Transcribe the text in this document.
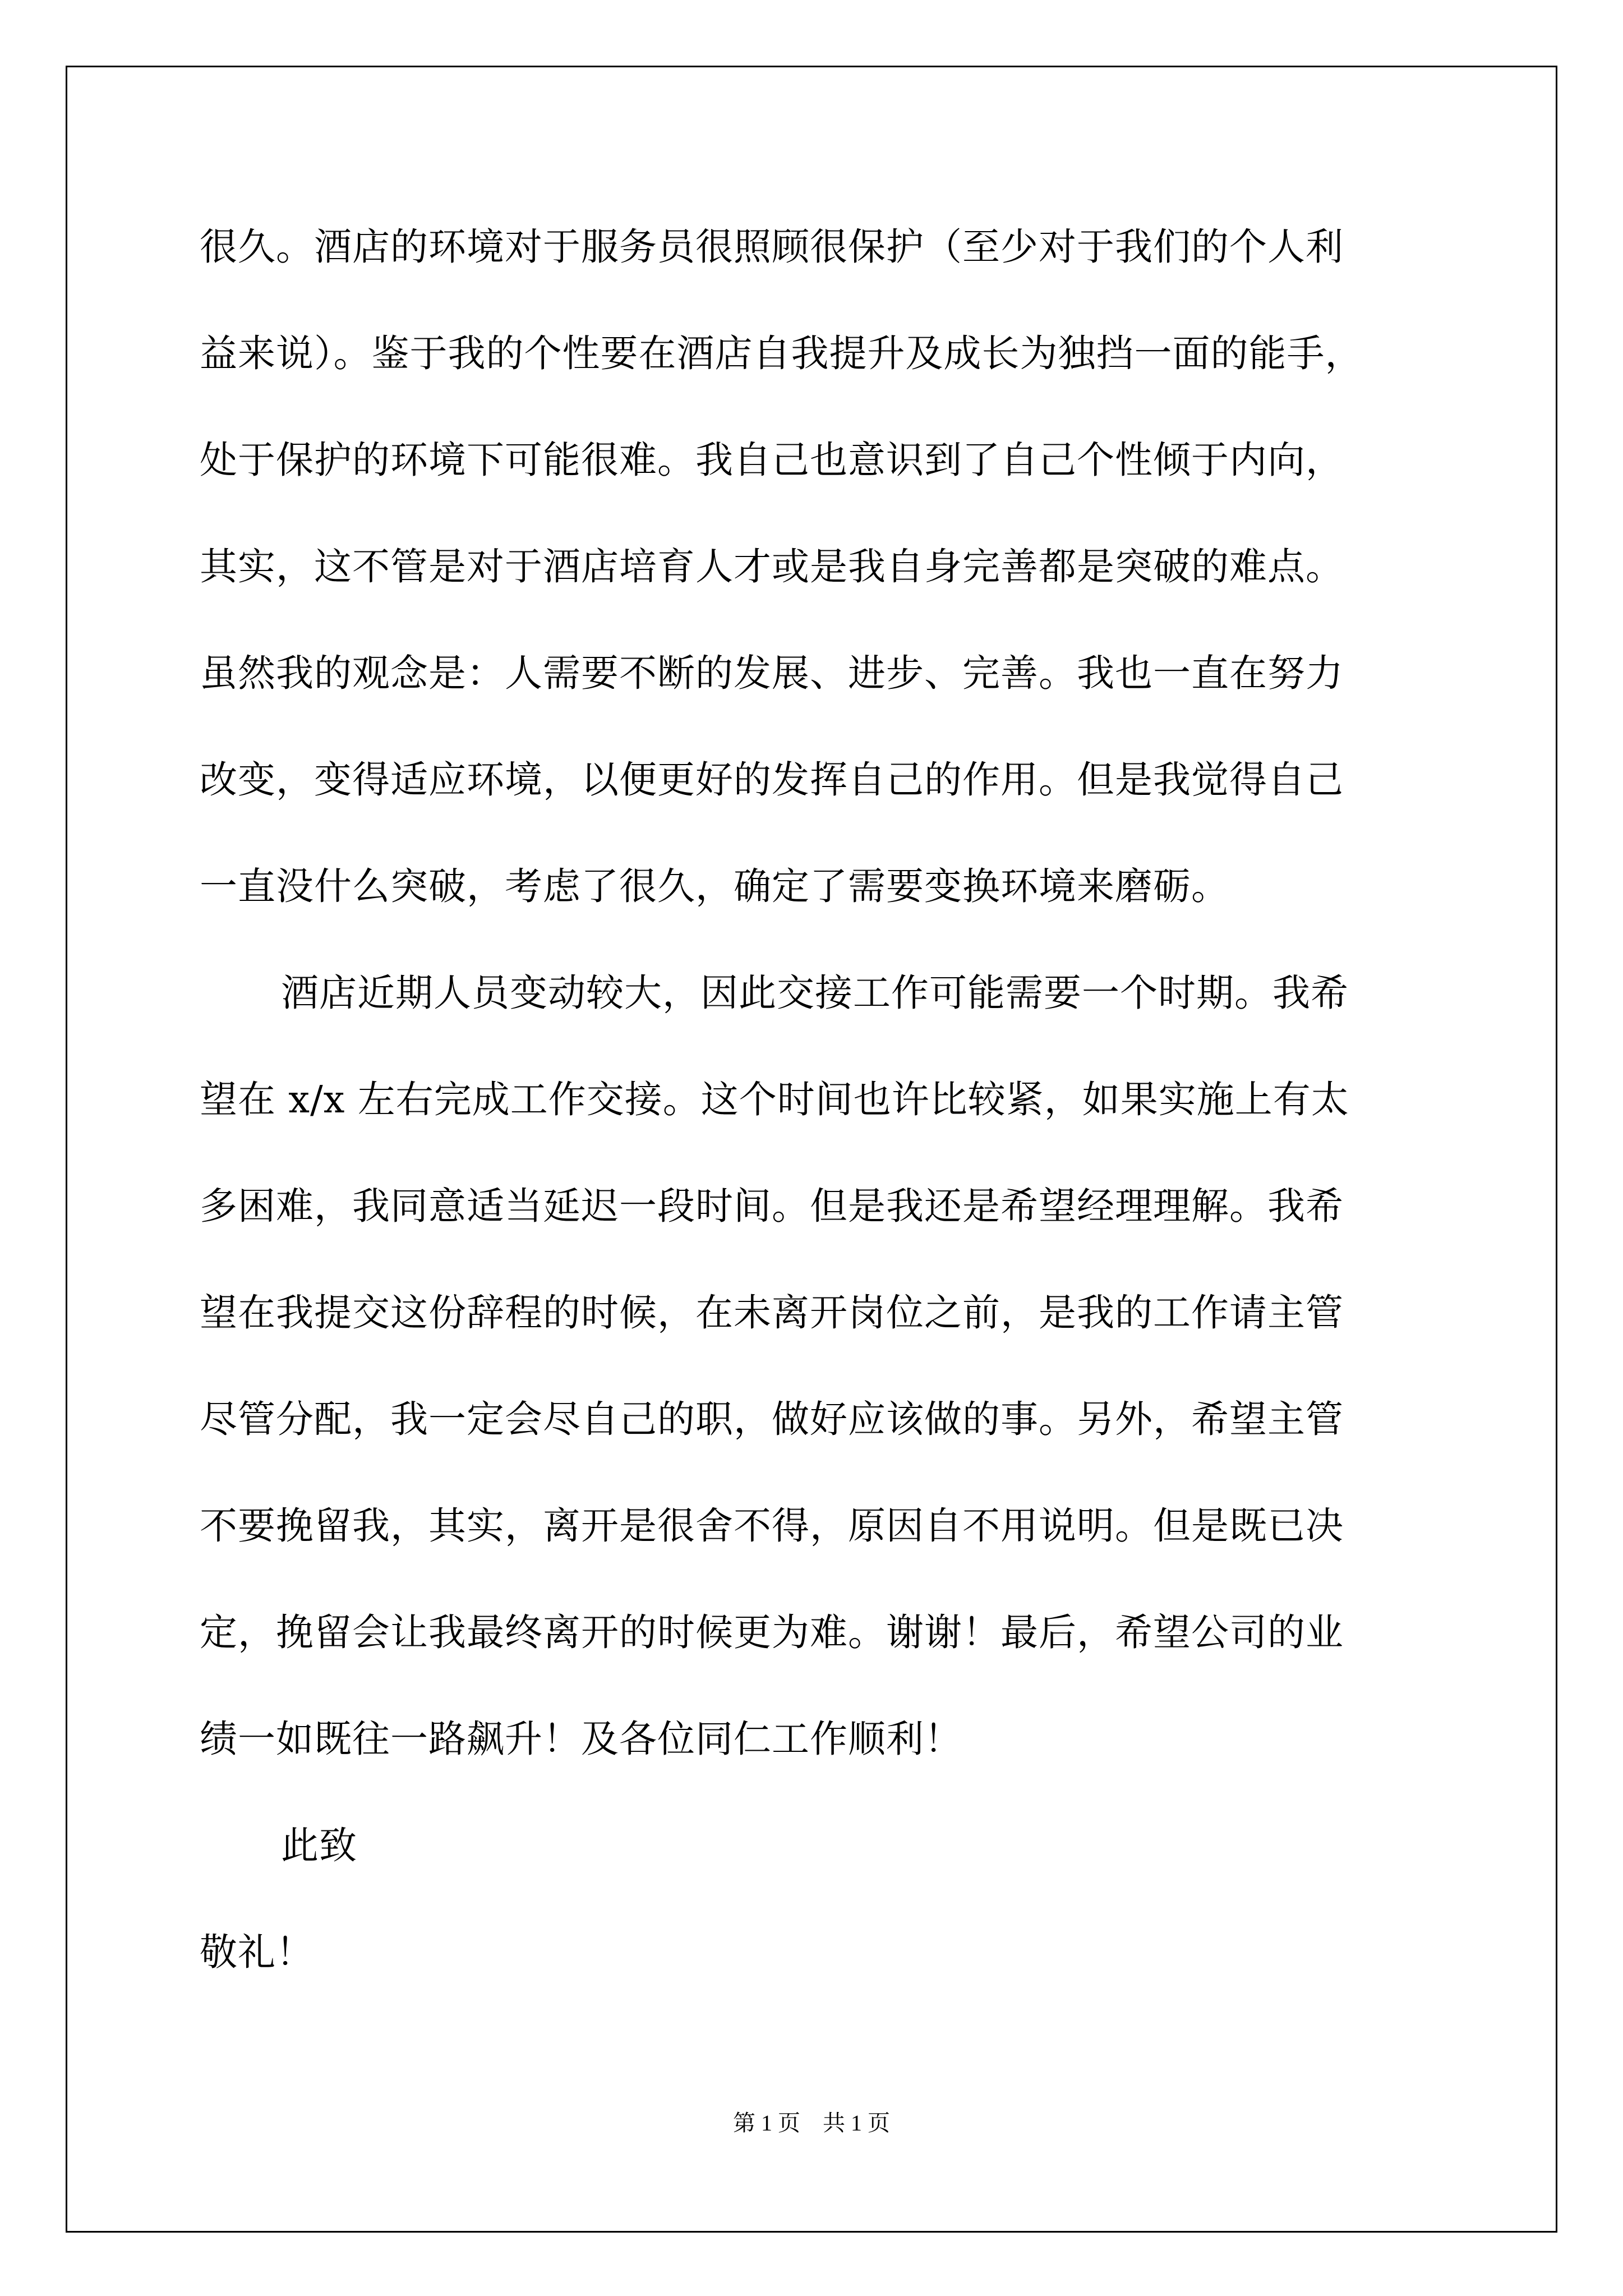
很久。酒店的环境对于服务员很照顾很保护（至少对于我们的个人利
益来说）。鉴于我的个性要在酒店自我提升及成长为独挡一面的能手，
处于保护的环境下可能很难。我自己也意识到了自己个性倾于内向，
其实，这不管是对于酒店培育人才或是我自身完善都是突破的难点。
虽然我的观念是：人需要不断的发展、进步、完善。我也一直在努力
改变，变得适应环境，以便更好的发挥自己的作用。但是我觉得自己
一直没什么突破，考虑了很久，确定了需要变换环境来磨砺。
酒店近期人员变动较大，因此交接工作可能需要一个时期。我希
望在 x/x 左右完成工作交接。这个时间也许比较紧，如果实施上有太
多困难，我同意适当延迟一段时间。但是我还是希望经理理解。我希
望在我提交这份辞程的时候，在未离开岗位之前，是我的工作请主管
尽管分配，我一定会尽自己的职，做好应该做的事。另外，希望主管
不要挽留我，其实，离开是很舍不得，原因自不用说明。但是既已决
定，挽留会让我最终离开的时候更为难。谢谢！最后，希望公司的业
绩一如既往一路飙升！及各位同仁工作顺利！
此致
敬礼！
第 1 页　共 1 页
